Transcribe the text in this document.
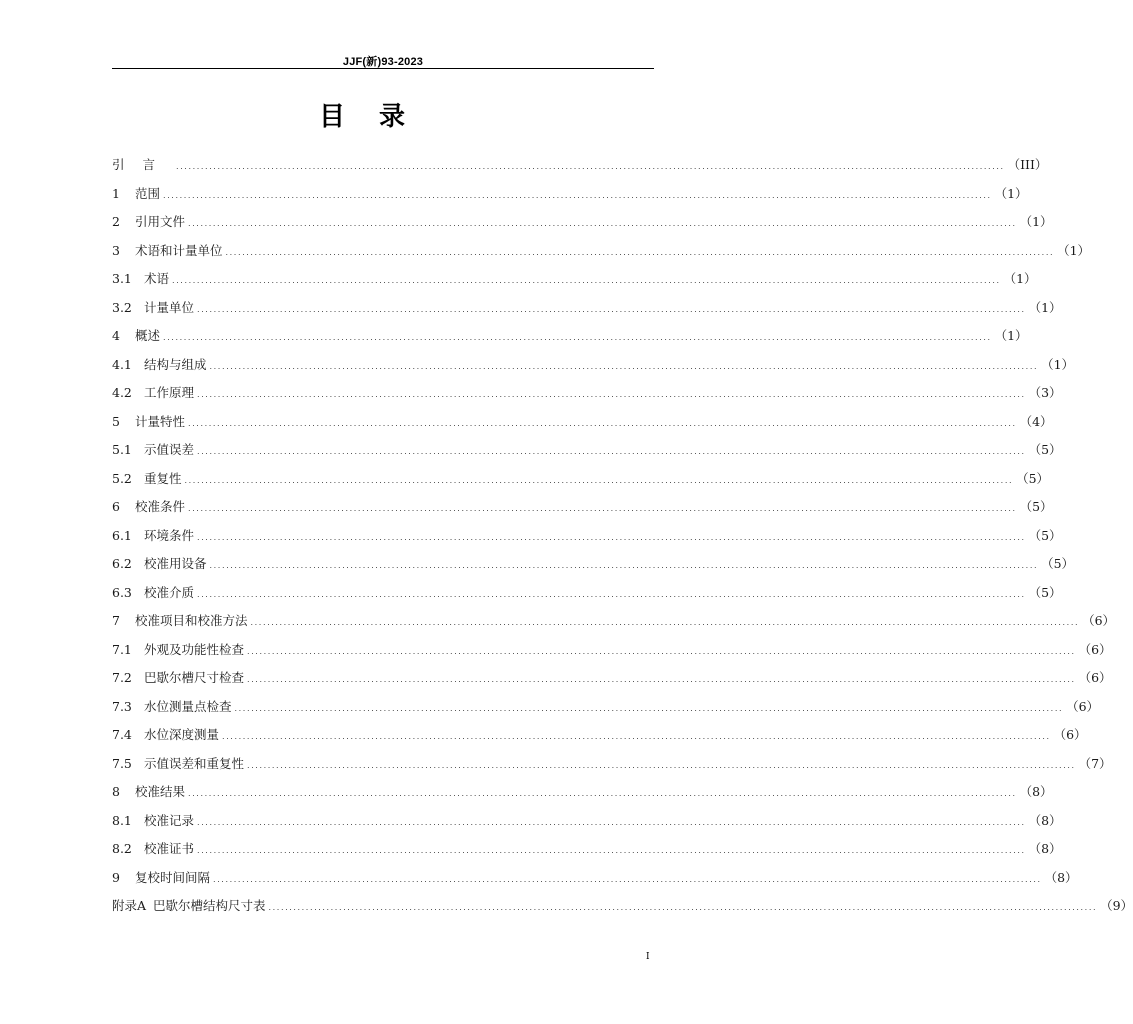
JJF(新)93-2023
目录
引言 ........................................................................................................................................................................................................ （III）
1	范围 ........................................................................................................................................................................................................ （1）
2	引用文件 ........................................................................................................................................................................................................ （1）
3	术语和计量单位 ........................................................................................................................................................................................................ （1）
3.1 术语 ........................................................................................................................................................................................................ （1）
3.2 计量单位 ........................................................................................................................................................................................................ （1）
4	概述 ........................................................................................................................................................................................................ （1）
4.1 结构与组成 ........................................................................................................................................................................................................ （1）
4.2 工作原理 ........................................................................................................................................................................................................ （3）
5	计量特性 ........................................................................................................................................................................................................ （4）
5.1 示值误差 ........................................................................................................................................................................................................ （5）
5.2 重复性 ........................................................................................................................................................................................................ （5）
6	校准条件 ........................................................................................................................................................................................................ （5）
6.1 环境条件 ........................................................................................................................................................................................................ （5）
6.2 校准用设备 ........................................................................................................................................................................................................ （5）
6.3 校准介质 ........................................................................................................................................................................................................ （5）
7	校准项目和校准方法 ........................................................................................................................................................................................................ （6）
7.1 外观及功能性检查 ........................................................................................................................................................................................................ （6）
7.2 巴歇尔槽尺寸检查 ........................................................................................................................................................................................................ （6）
7.3 水位测量点检查 ........................................................................................................................................................................................................ （6）
7.4 水位深度测量 ........................................................................................................................................................................................................ （6）
7.5 示值误差和重复性 ........................................................................................................................................................................................................ （7）
8	校准结果 ........................................................................................................................................................................................................ （8）
8.1 校准记录 ........................................................................................................................................................................................................ （8）
8.2 校准证书 ........................................................................................................................................................................................................ （8）
9	复校时间间隔 ........................................................................................................................................................................................................ （8）
附录A 巴歇尔槽结构尺寸表 ........................................................................................................................................................................................................ （9）
I
